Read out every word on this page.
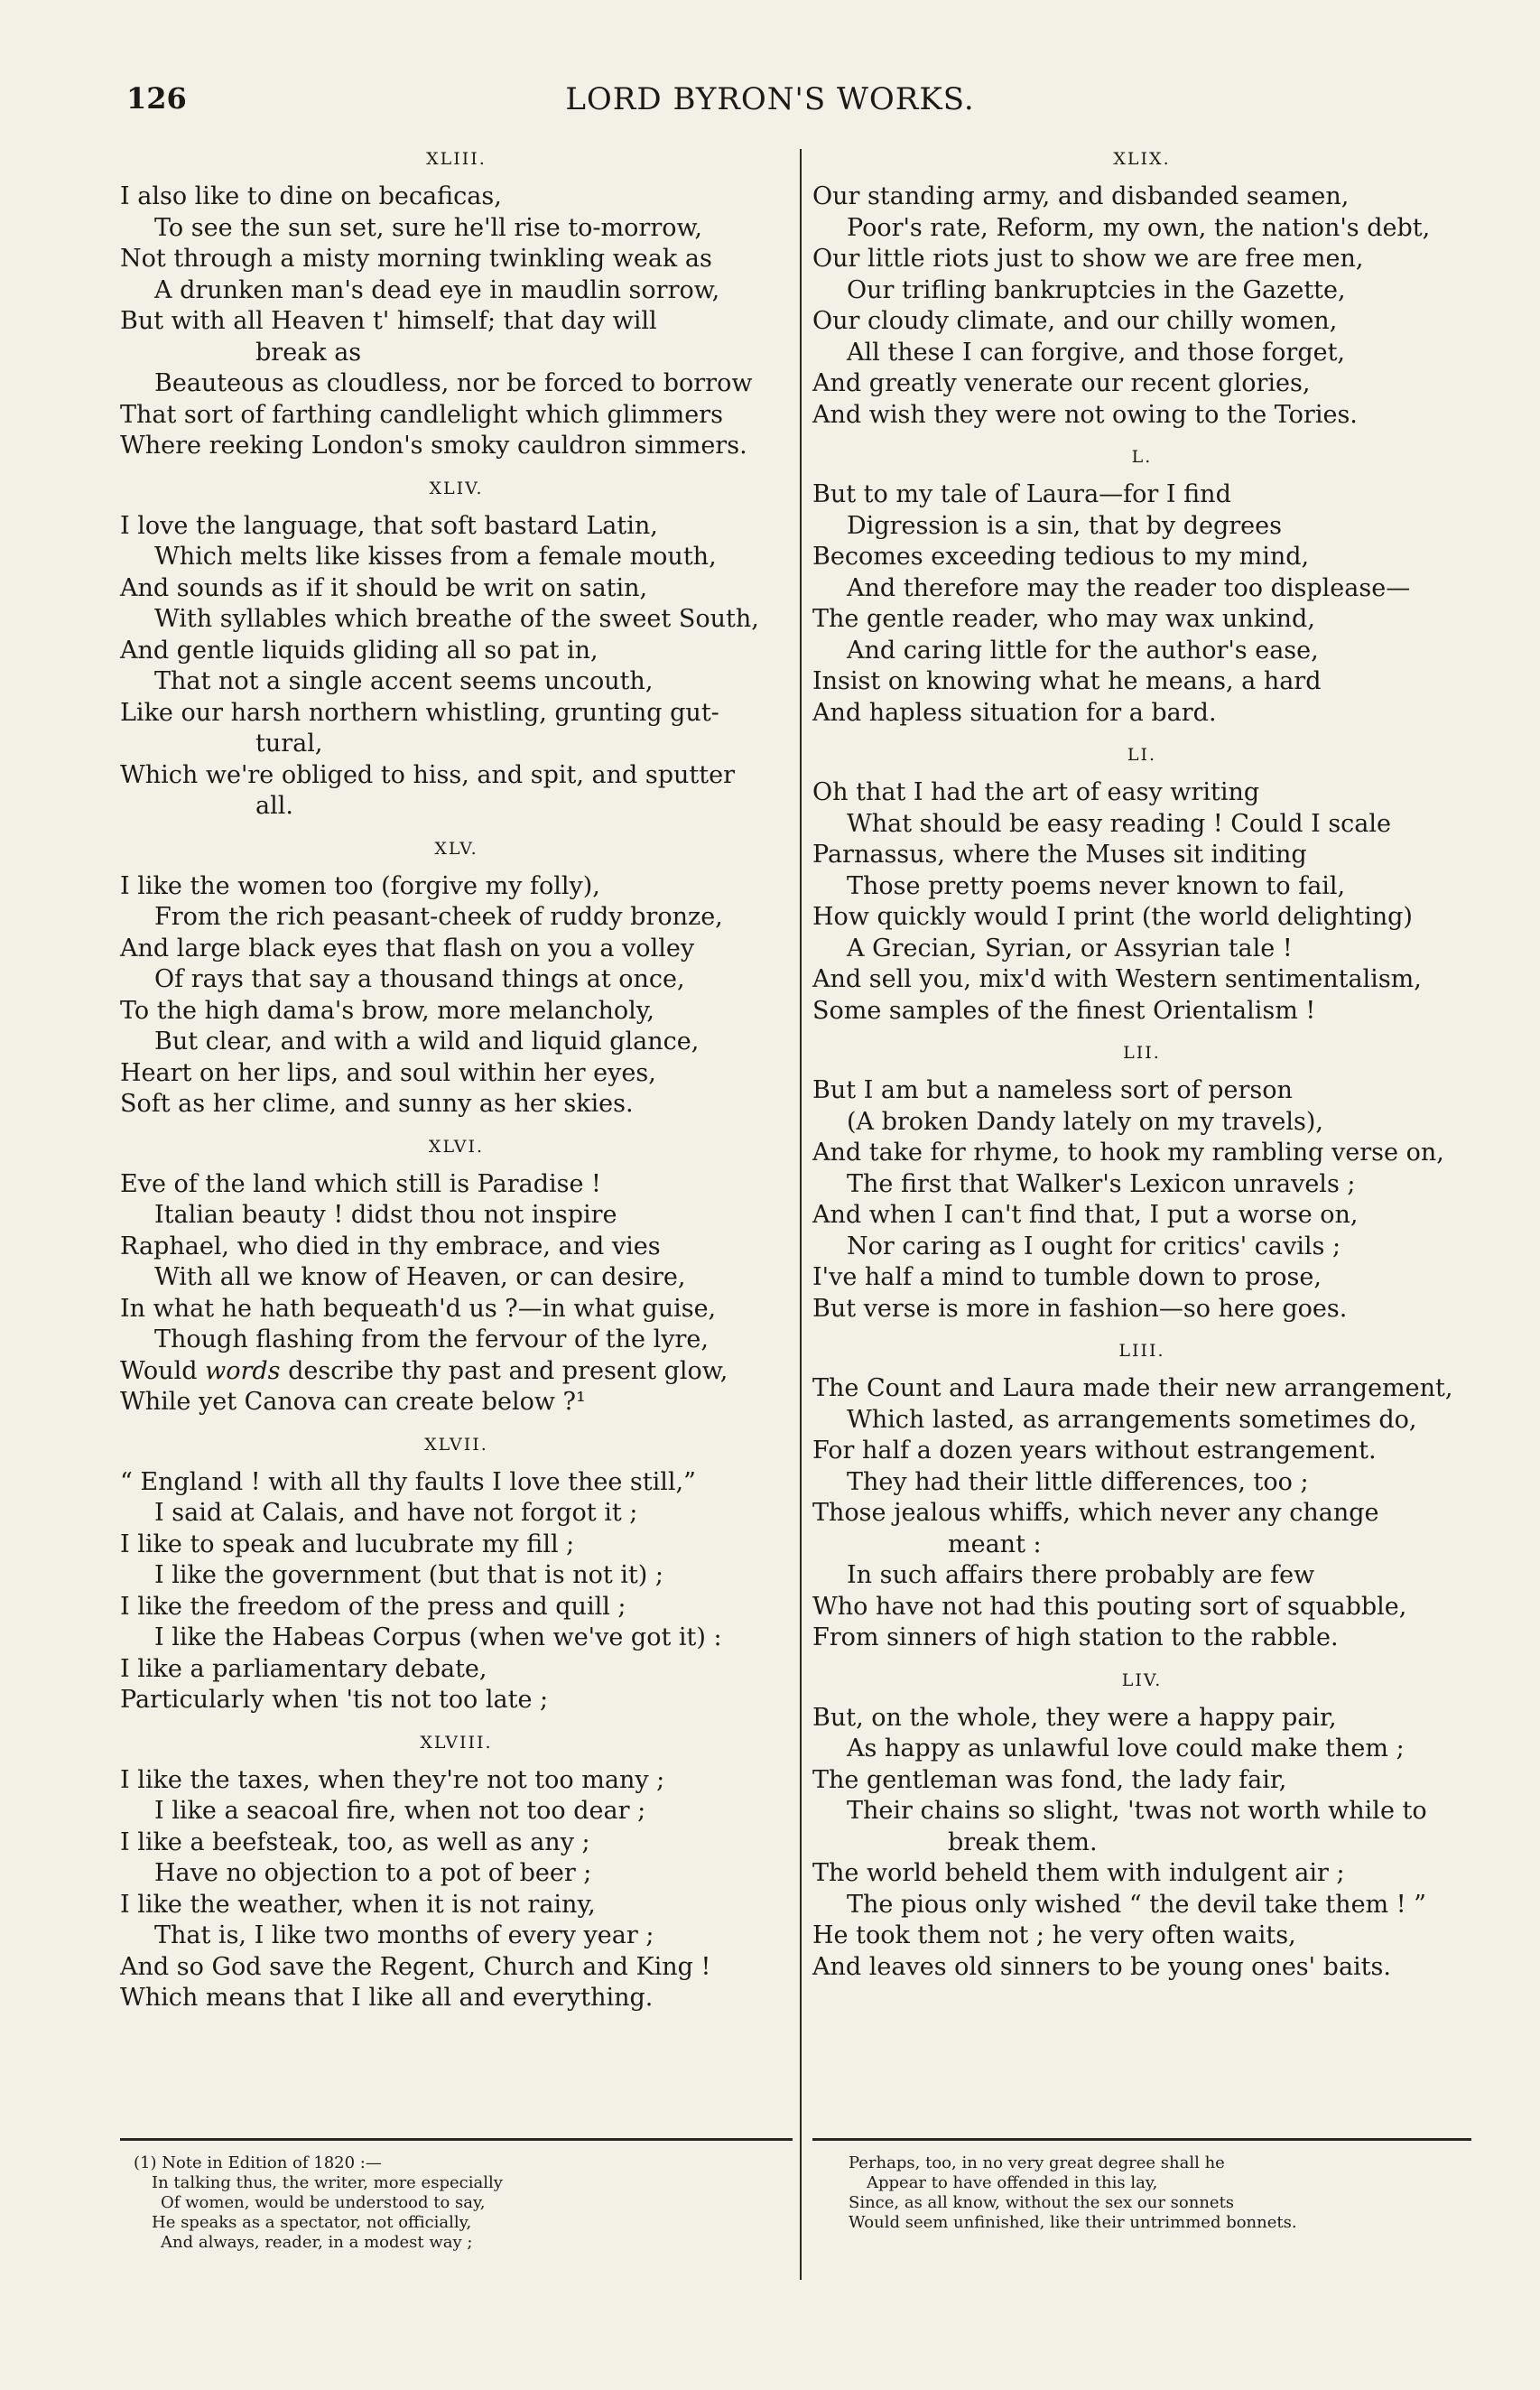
126	LORD BYRON'S WORKS.
XLIII.
I also like to dine on becaficas,
To see the sun set, sure he'll rise to-morrow,
Not through a misty morning twinkling weak as
A drunken man's dead eye in maudlin sorrow,
But with all Heaven t' himself; that day will
break as
Beauteous as cloudless, nor be forced to borrow
That sort of farthing candlelight which glimmers
Where reeking London's smoky cauldron simmers.
XLIV.
I love the language, that soft bastard Latin,
Which melts like kisses from a female mouth,
And sounds as if it should be writ on satin,
With syllables which breathe of the sweet South,
And gentle liquids gliding all so pat in,
That not a single accent seems uncouth,
Like our harsh northern whistling, grunting gut-
tural,
Which we're obliged to hiss, and spit, and sputter
all.
XLV.
I like the women too (forgive my folly),
From the rich peasant-cheek of ruddy bronze,
And large black eyes that flash on you a volley
Of rays that say a thousand things at once,
To the high dama's brow, more melancholy,
But clear, and with a wild and liquid glance,
Heart on her lips, and soul within her eyes,
Soft as her clime, and sunny as her skies.
XLVI.
Eve of the land which still is Paradise !
Italian beauty ! didst thou not inspire
Raphael, who died in thy embrace, and vies
With all we know of Heaven, or can desire,
In what he hath bequeath'd us ?—in what guise,
Though flashing from the fervour of the lyre,
Would words describe thy past and present glow,
While yet Canova can create below ?¹
XLVII.
“ England ! with all thy faults I love thee still,”
I said at Calais, and have not forgot it ;
I like to speak and lucubrate my fill ;
I like the government (but that is not it) ;
I like the freedom of the press and quill ;
I like the Habeas Corpus (when we've got it) :
I like a parliamentary debate,
Particularly when 'tis not too late ;
XLVIII.
I like the taxes, when they're not too many ;
I like a seacoal fire, when not too dear ;
I like a beefsteak, too, as well as any ;
Have no objection to a pot of beer ;
I like the weather, when it is not rainy,
That is, I like two months of every year ;
And so God save the Regent, Church and King !
Which means that I like all and everything.
XLIX.
Our standing army, and disbanded seamen,
Poor's rate, Reform, my own, the nation's debt,
Our little riots just to show we are free men,
Our trifling bankruptcies in the Gazette,
Our cloudy climate, and our chilly women,
All these I can forgive, and those forget,
And greatly venerate our recent glories,
And wish they were not owing to the Tories.
L.
But to my tale of Laura—for I find
Digression is a sin, that by degrees
Becomes exceeding tedious to my mind,
And therefore may the reader too displease—
The gentle reader, who may wax unkind,
And caring little for the author's ease,
Insist on knowing what he means, a hard
And hapless situation for a bard.
LI.
Oh that I had the art of easy writing
What should be easy reading ! Could I scale
Parnassus, where the Muses sit inditing
Those pretty poems never known to fail,
How quickly would I print (the world delighting)
A Grecian, Syrian, or Assyrian tale !
And sell you, mix'd with Western sentimentalism,
Some samples of the finest Orientalism !
LII.
But I am but a nameless sort of person
(A broken Dandy lately on my travels),
And take for rhyme, to hook my rambling verse on,
The first that Walker's Lexicon unravels ;
And when I can't find that, I put a worse on,
Nor caring as I ought for critics' cavils ;
I've half a mind to tumble down to prose,
But verse is more in fashion—so here goes.
LIII.
The Count and Laura made their new arrangement,
Which lasted, as arrangements sometimes do,
For half a dozen years without estrangement.
They had their little differences, too ;
Those jealous whiffs, which never any change
meant :
In such affairs there probably are few
Who have not had this pouting sort of squabble,
From sinners of high station to the rabble.
LIV.
But, on the whole, they were a happy pair,
As happy as unlawful love could make them ;
The gentleman was fond, the lady fair,
Their chains so slight, 'twas not worth while to
break them.
The world beheld them with indulgent air ;
The pious only wished “ the devil take them ! ”
He took them not ; he very often waits,
And leaves old sinners to be young ones' baits.
(1) Note in Edition of 1820 :—
In talking thus, the writer, more especially
Of women, would be understood to say,
He speaks as a spectator, not officially,
And always, reader, in a modest way ;
Perhaps, too, in no very great degree shall he
Appear to have offended in this lay,
Since, as all know, without the sex our sonnets
Would seem unfinished, like their untrimmed bonnets.
